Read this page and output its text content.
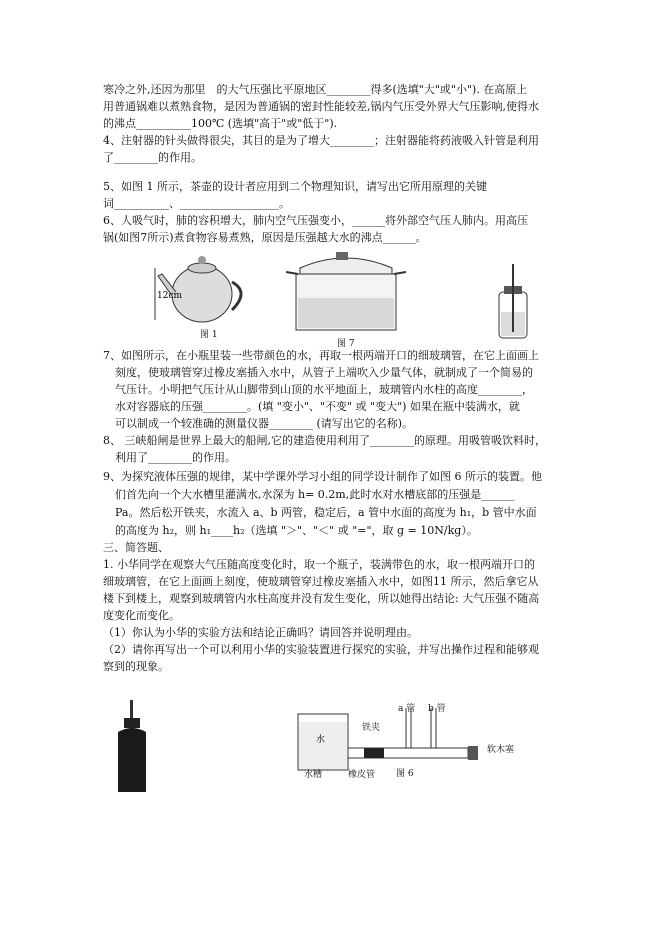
寒冷之外,还因为那里　的大气压强比平原地区________得多(选填"大"或"小"). 在高原上
用普通锅难以煮熟食物，是因为普通锅的密封性能较差,锅内气压受外界大气压影响,使得水
的沸点__________100℃ (选填"高于"或"低于").
4、注射器的针头做得很尖，其目的是为了增大________；注射器能将药液吸入针管是利用
了________的作用。
5、如图 1 所示，茶壶的设计者应用到二个物理知识，请写出它所用原理的关键
词__________、__________________。
6、人吸气时，肺的容积增大，肺内空气压强变小，______将外部空气压人肺内。用高压
锅(如图7所示)煮食物容易煮熟，原因是压强越大水的沸点______。
12cm
图 1
图 7
7、如图所示，在小瓶里装一些带颜色的水，再取一根两端开口的细玻璃管，在它上面画上
刻度，使玻璃管穿过橡皮塞插入水中，从管子上端吹入少量气体，就制成了一个简易的
气压计。小明把气压计从山脚带到山顶的水平地面上，玻璃管内水柱的高度________，
水对容器底的压强________。(填 "变小"、"不变" 或 "变大") 如果在瓶中装满水，就
可以制成一个较准确的测量仪器________ (请写出它的名称)。
8、 三峡船闸是世界上最大的船闸,它的建造使用利用了________的原理。用吸管吸饮料时，
利用了________的作用。
9、为探究液体压强的规律，某中学课外学习小组的同学设计制作了如图 6 所示的装置。他
们首先向一个大水槽里灌满水,水深为 h= 0.2m,此时水对水槽底部的压强是______
Pa。然后松开铁夹，水流入 a、b 两管，稳定后，a 管中水面的高度为 h₁，b 管中水面
的高度为 h₂，则 h₁____h₂（选填 "＞"、"＜" 或 "="，取 g = 10N/kg）。
三、简答题、
1. 小华同学在观察大气压随高度变化时，取一个瓶子，装满带色的水，取一根两端开口的
细玻璃管，在它上面画上刻度，使玻璃管穿过橡皮塞插入水中，如图11 所示，然后拿它从
楼下到楼上，观察到玻璃管内水柱高度并没有发生变化，所以她得出结论: 大气压强不随高
度变化而变化。
（1）你认为小华的实验方法和结论正确吗？请回答并说明理由。
（2）请你再写出一个可以利用小华的实验装置进行探究的实验，并写出操作过程和能够观
察到的现象。
水
a 管 b 管
铁夹
软木塞
水槽	橡皮管 图 6
